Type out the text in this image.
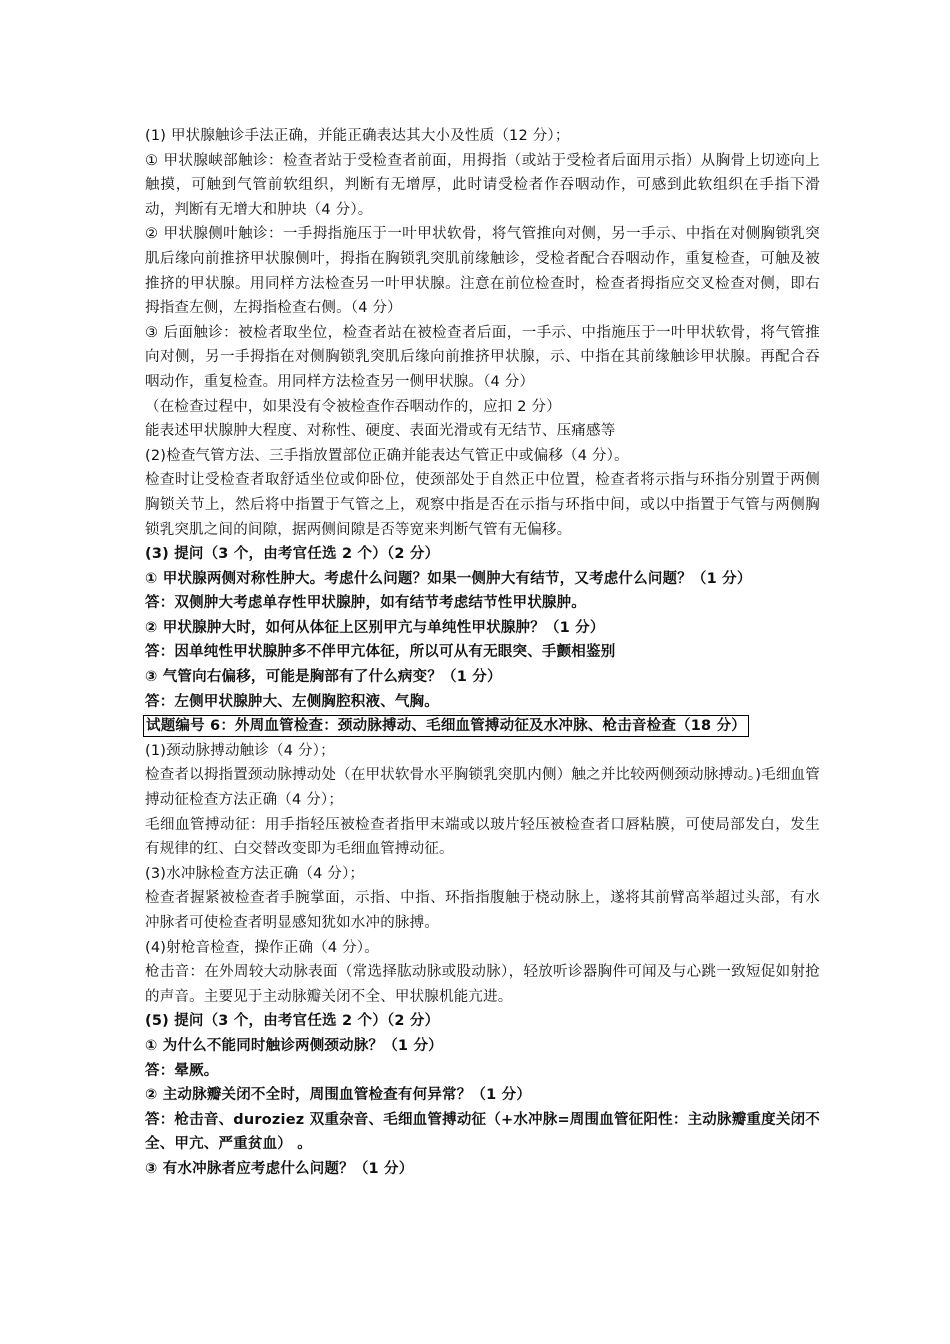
(1) 甲状腺触诊手法正确，并能正确表达其大小及性质（12 分）；

① 甲状腺峡部触诊：检查者站于受检查者前面，用拇指（或站于受检者后面用示指）从胸骨上切迹向上触摸，可触到气管前软组织，判断有无增厚，此时请受检者作吞咽动作，可感到此软组织在手指下滑动，判断有无增大和肿块（4 分）。

② 甲状腺侧叶触诊：一手拇指施压于一叶甲状软骨，将气管推向对侧，另一手示、中指在对侧胸锁乳突肌后缘向前推挤甲状腺侧叶，拇指在胸锁乳突肌前缘触诊，受检者配合吞咽动作，重复检查，可触及被推挤的甲状腺。用同样方法检查另一叶甲状腺。注意在前位检查时，检查者拇指应交叉检查对侧，即右拇指查左侧，左拇指检查右侧。（4 分）

③ 后面触诊：被检者取坐位，检查者站在被检查者后面，一手示、中指施压于一叶甲状软骨，将气管推向对侧，另一手拇指在对侧胸锁乳突肌后缘向前推挤甲状腺，示、中指在其前缘触诊甲状腺。再配合吞咽动作，重复检查。用同样方法检查另一侧甲状腺。（4 分）

（在检查过程中，如果没有令被检查作吞咽动作的，应扣 2 分）

能表述甲状腺肿大程度、对称性、硬度、表面光滑或有无结节、压痛感等

(2)检查气管方法、三手指放置部位正确并能表达气管正中或偏移（4 分）。

检查时让受检查者取舒适坐位或仰卧位，使颈部处于自然正中位置，检查者将示指与环指分别置于两侧胸锁关节上，然后将中指置于气管之上，观察中指是否在示指与环指中间，或以中指置于气管与两侧胸锁乳突肌之间的间隙，据两侧间隙是否等宽来判断气管有无偏移。

(3) 提问（3 个，由考官任选 2 个）（2 分）

① 甲状腺两侧对称性肿大。考虑什么问题？如果一侧肿大有结节，又考虑什么问题？（1 分）

答：双侧肿大考虑单存性甲状腺肿，如有结节考虑结节性甲状腺肿。

② 甲状腺肿大时，如何从体征上区别甲亢与单纯性甲状腺肿？（1 分）

答：因单纯性甲状腺肿多不伴甲亢体征，所以可从有无眼突、手颤相鉴别

③ 气管向右偏移，可能是胸部有了什么病变？（1 分）

答：左侧甲状腺肿大、左侧胸腔积液、气胸。

试题编号 6：外周血管检查：颈动脉搏动、毛细血管搏动征及水冲脉、枪击音检查（18 分）

(1)颈动脉搏动触诊（4 分）；

检查者以拇指置颈动脉搏动处（在甲状软骨水平胸锁乳突肌内侧）触之并比较两侧颈动脉搏动。)毛细血管搏动征检查方法正确（4 分）；

毛细血管搏动征：用手指轻压被检查者指甲末端或以玻片轻压被检查者口唇粘膜，可使局部发白，发生有规律的红、白交替改变即为毛细血管搏动征。

(3)水冲脉检查方法正确（4 分）；

检查者握紧被检查者手腕掌面，示指、中指、环指指腹触于桡动脉上，遂将其前臂高举超过头部，有水冲脉者可使检查者明显感知犹如水冲的脉搏。

(4)射枪音检查，操作正确（4 分）。

枪击音：在外周较大动脉表面（常选择肱动脉或股动脉），轻放听诊器胸件可闻及与心跳一致短促如射抢的声音。主要见于主动脉瓣关闭不全、甲状腺机能亢进。

(5) 提问（3 个，由考官任选 2 个）（2 分）

① 为什么不能同时触诊两侧颈动脉？（1 分）

答：晕厥。

② 主动脉瓣关闭不全时，周围血管检查有何异常？（1 分）

答：枪击音、duroziez 双重杂音、毛细血管搏动征（+水冲脉=周围血管征阳性：主动脉瓣重度关闭不全、甲亢、严重贫血） 。

③ 有水冲脉者应考虑什么问题？（1 分）
